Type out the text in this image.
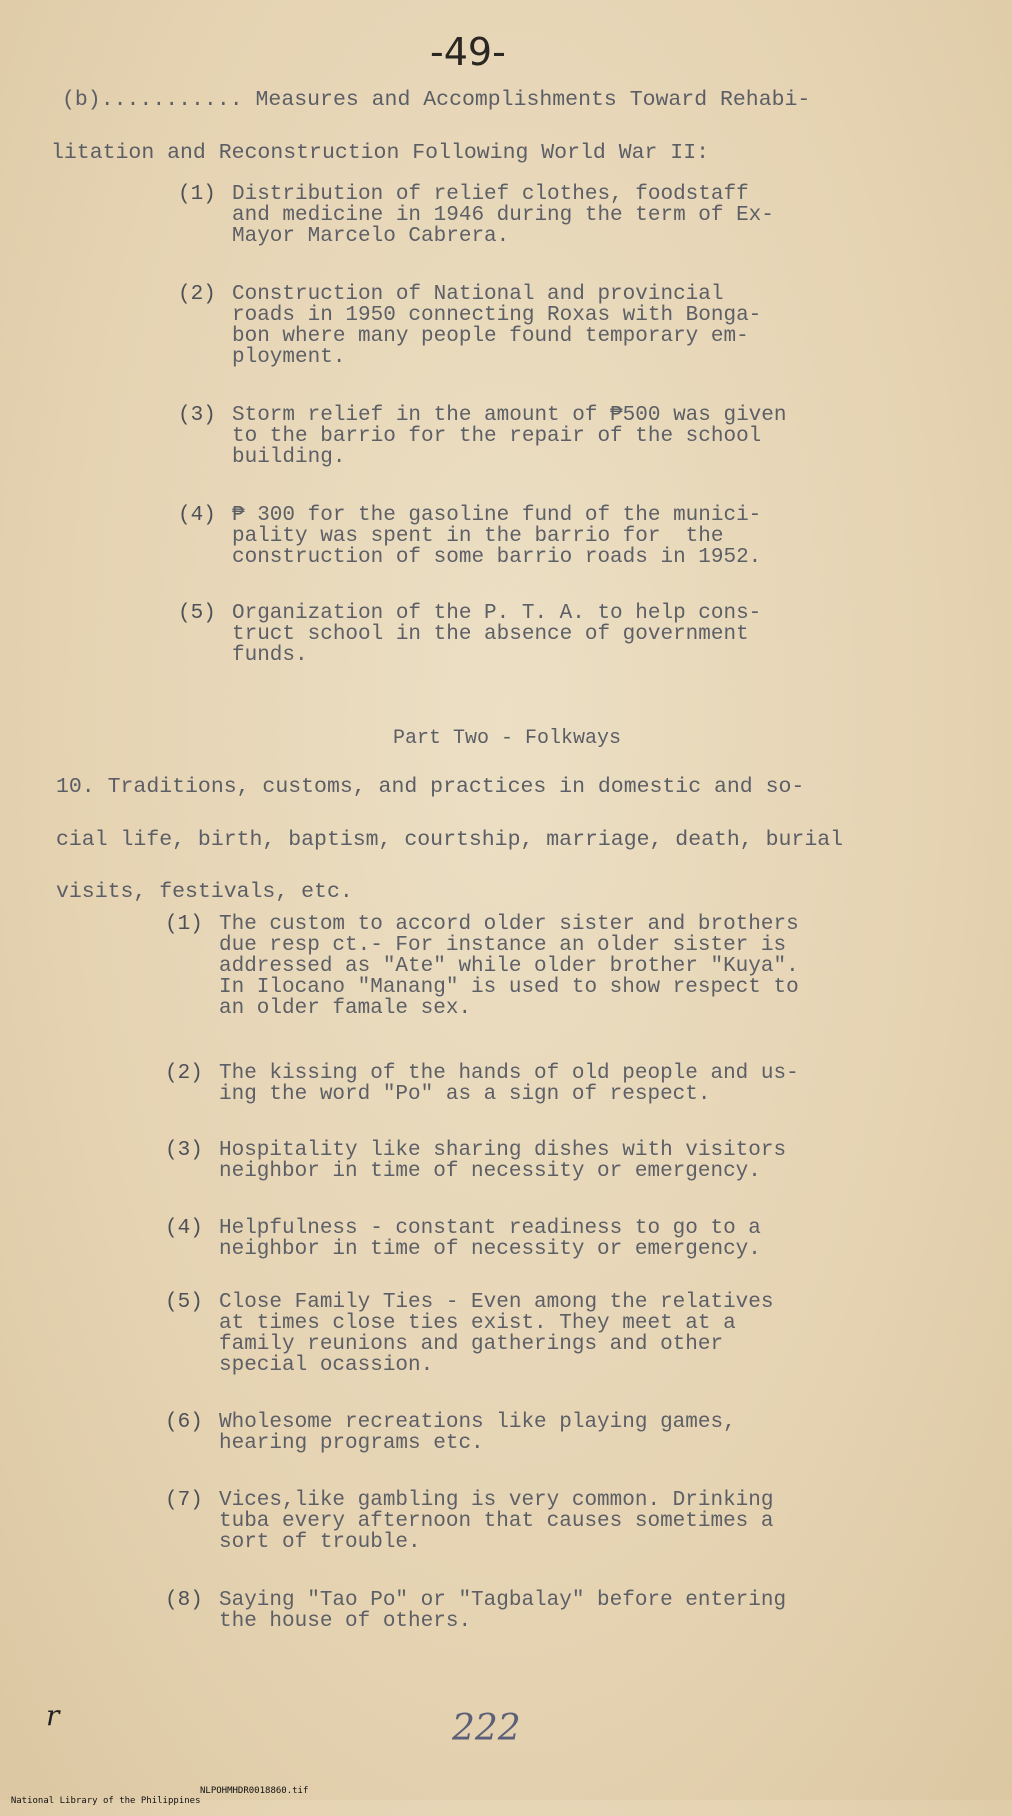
-49-
(b)........... Measures and Accomplishments Toward Rehabi-
litation and Reconstruction Following World War II:

(1)

Distribution of relief clothes, foodstaff

and medicine in 1946 during the term of Ex-

Mayor Marcelo Cabrera.

(2)

Construction of National and provincial

roads in 1950 connecting Roxas with Bonga-

bon where many people found temporary em-

ployment.

(3)

Storm relief in the amount of ₱500 was given

to the barrio for the repair of the school

building.

(4)

₱ 300 for the gasoline fund of the munici-

pality was spent in the barrio for  the

construction of some barrio roads in 1952.

(5)

Organization of the P. T. A. to help cons-

truct school in the absence of government

funds.

Part Two - Folkways
10. Traditions, customs, and practices in domestic and so-
cial life, birth, baptism, courtship, marriage, death, burial
visits, festivals, etc.

(1)

The custom to accord older sister and brothers

due resp ct.- For instance an older sister is

addressed as "Ate" while older brother "Kuya".

In Ilocano "Manang" is used to show respect to

an older famale sex.

(2)

The kissing of the hands of old people and us-

ing the word "Po" as a sign of respect.

(3)

Hospitality like sharing dishes with visitors

neighbor in time of necessity or emergency.

(4)

Helpfulness - constant readiness to go to a

neighbor in time of necessity or emergency.

(5)

Close Family Ties - Even among the relatives

at times close ties exist. They meet at a

family reunions and gatherings and other

special ocassion.

(6)

Wholesome recreations like playing games,

hearing programs etc.

(7)

Vices,like gambling is very common. Drinking

tuba every afternoon that causes sometimes a

sort of trouble.

(8)

Saying "Tao Po" or "Tagbalay" before entering

the house of others.

r	222

National Library of the Philippines

NLPOHMHDR0018860.tif
